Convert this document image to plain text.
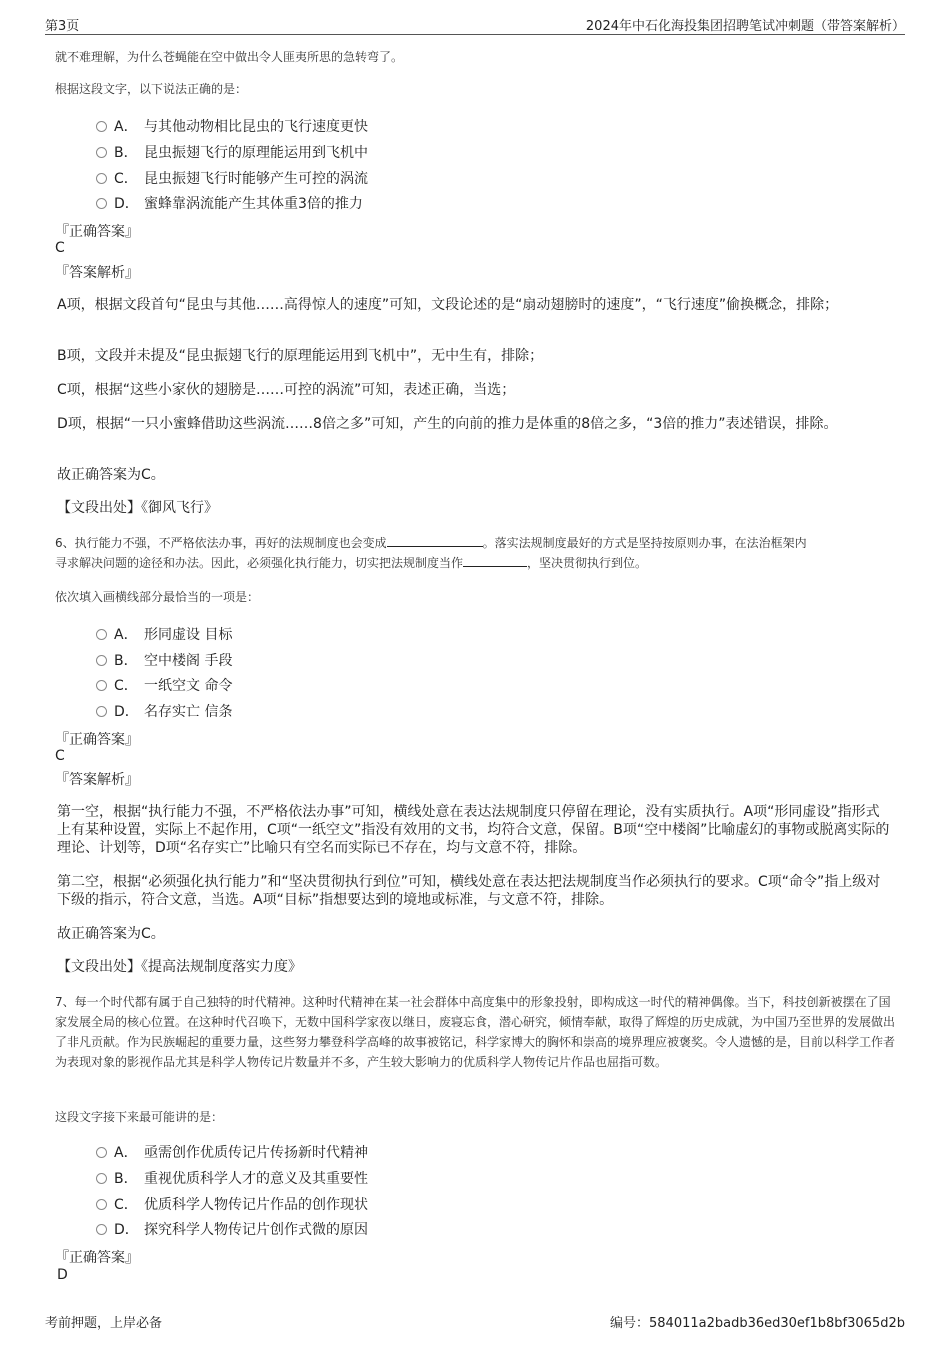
第3页	2024年中石化海投集团招聘笔试冲刺题（带答案解析）
就不难理解，为什么苍蝇能在空中做出令人匪夷所思的急转弯了。
根据这段文字，以下说法正确的是：
A． 与其他动物相比昆虫的飞行速度更快
B． 昆虫振翅飞行的原理能运用到飞机中
C． 昆虫振翅飞行时能够产生可控的涡流
D． 蜜蜂靠涡流能产生其体重3倍的推力
『正确答案』
C
『答案解析』
A项，根据文段首句“昆虫与其他……高得惊人的速度”可知，文段论述的是“扇动翅膀时的速度”，“飞行速度”偷换概念，排除；
B项，文段并未提及“昆虫振翅飞行的原理能运用到飞机中”，无中生有，排除；
C项，根据“这些小家伙的翅膀是……可控的涡流”可知，表述正确，当选；
D项，根据“一只小蜜蜂借助这些涡流……8倍之多”可知，产生的向前的推力是体重的8倍之多，“3倍的推力”表述错误，排除。
故正确答案为C。
【文段出处】《御风飞行》
6、执行能力不强，不严格依法办事，再好的法规制度也会变成	。落实法规制度最好的方式是坚持按原则办事，在法治框架内
寻求解决问题的途径和办法。因此，必须强化执行能力，切实把法规制度当作	，坚决贯彻执行到位。
依次填入画横线部分最恰当的一项是：
A． 形同虚设 目标
B． 空中楼阁 手段
C． 一纸空文 命令
D． 名存实亡 信条
『正确答案』
C
『答案解析』
第一空，根据“执行能力不强，不严格依法办事”可知，横线处意在表达法规制度只停留在理论，没有实质执行。A项“形同虚设”指形式上有某种设置，实际上不起作用，C项“一纸空文”指没有效用的文书，均符合文意，保留。B项“空中楼阁”比喻虚幻的事物或脱离实际的理论、计划等，D项“名存实亡”比喻只有空名而实际已不存在，均与文意不符，排除。
第二空，根据“必须强化执行能力”和“坚决贯彻执行到位”可知，横线处意在表达把法规制度当作必须执行的要求。C项“命令”指上级对下级的指示，符合文意，当选。A项“目标”指想要达到的境地或标准，与文意不符，排除。
故正确答案为C。
【文段出处】《提高法规制度落实力度》
7、每一个时代都有属于自己独特的时代精神。这种时代精神在某一社会群体中高度集中的形象投射，即构成这一时代的精神偶像。当下，科技创新被摆在了国家发展全局的核心位置。在这种时代召唤下，无数中国科学家夜以继日，废寝忘食，潜心研究，倾情奉献，取得了辉煌的历史成就，为中国乃至世界的发展做出了非凡贡献。作为民族崛起的重要力量，这些努力攀登科学高峰的故事被铭记，科学家博大的胸怀和崇高的境界理应被褒奖。令人遗憾的是，目前以科学工作者为表现对象的影视作品尤其是科学人物传记片数量并不多，产生较大影响力的优质科学人物传记片作品也屈指可数。
这段文字接下来最可能讲的是：
A． 亟需创作优质传记片传扬新时代精神
B． 重视优质科学人才的意义及其重要性
C． 优质科学人物传记片作品的创作现状
D． 探究科学人物传记片创作式微的原因
『正确答案』
D
考前押题，上岸必备	编号：584011a2badb36ed30ef1b8bf3065d2b
